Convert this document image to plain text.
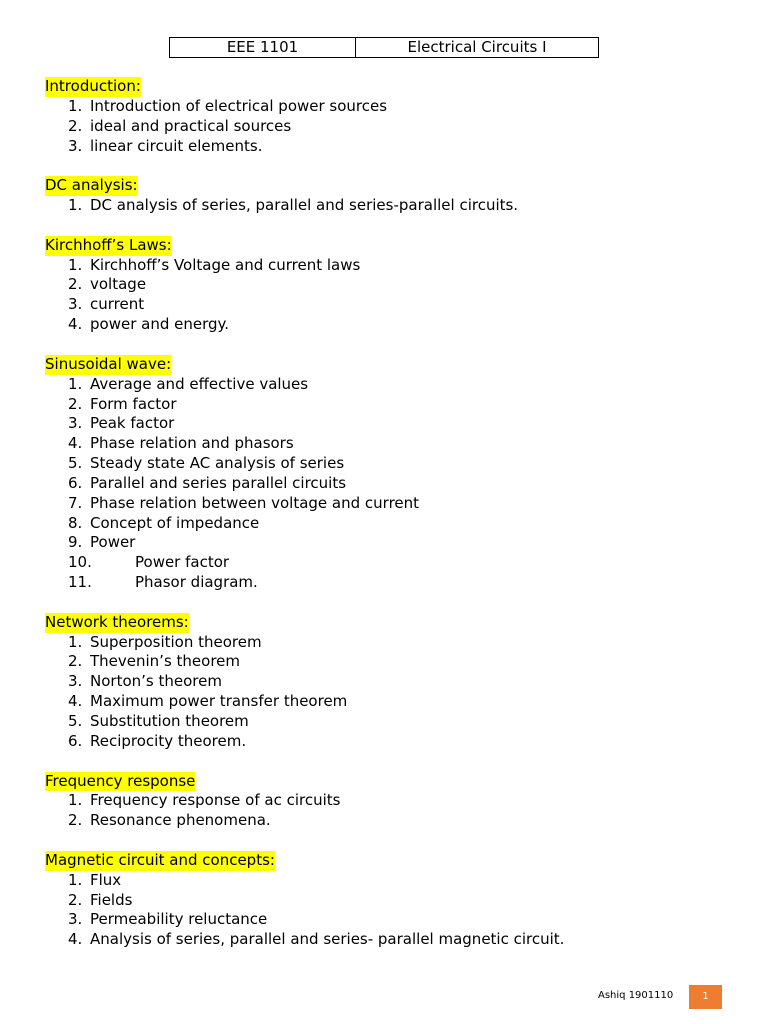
EEE 1101	Electrical Circuits I
Introduction:
1. Introduction of electrical power sources
2. ideal and practical sources
3. linear circuit elements.
DC analysis:
1. DC analysis of series, parallel and series-parallel circuits.
Kirchhoff’s Laws:
1. Kirchhoff’s Voltage and current laws
2. voltage
3. current
4. power and energy.
Sinusoidal wave:
1. Average and effective values
2. Form factor
3. Peak factor
4. Phase relation and phasors
5. Steady state AC analysis of series
6. Parallel and series parallel circuits
7. Phase relation between voltage and current
8. Concept of impedance
9. Power
10.	Power factor
11.	Phasor diagram.
Network theorems:
1. Superposition theorem
2. Thevenin’s theorem
3. Norton’s theorem
4. Maximum power transfer theorem
5. Substitution theorem
6. Reciprocity theorem.
Frequency response
1. Frequency response of ac circuits
2. Resonance phenomena.
Magnetic circuit and concepts:
1. Flux
2. Fields
3. Permeability reluctance
4. Analysis of series, parallel and series- parallel magnetic circuit.
Ashiq 1901110	1
